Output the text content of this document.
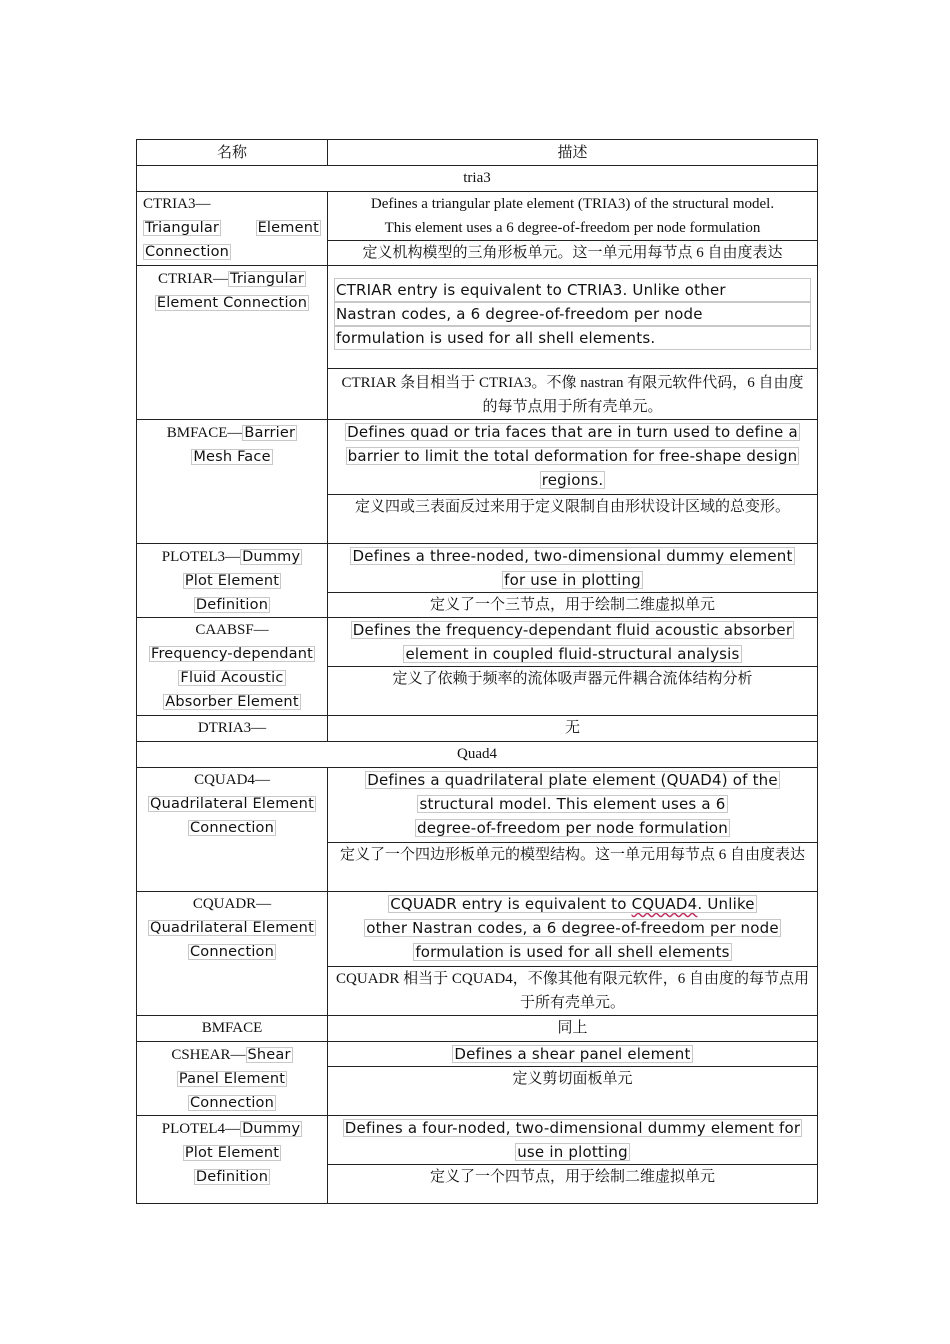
名称	描述
tria3	

CTRIA3—
Triangular Element
Connection	Defines a triangular plate element (TRIA3) of the structural model.
This element uses a 6 degree-of-freedom per node formulation

	定义机构模型的三角形板单元。这一单元用每节点 6 自由度表达

CTRIAR— Triangular
Element Connection	CTRIAR entry is equivalent to CTRIA3. Unlike other
Nastran codes, a 6 degree-of-freedom per node
formulation is used for all shell elements.

	CTRIAR 条目相当于 CTRIA3。不像 nastran 有限元软件代码，6 自由度的每节点用于所有壳单元。

BMFACE— Barrier
Mesh Face	Defines quad or tria faces that are in turn used to define a
barrier to limit the total deformation for free-shape design
regions.

	定义四或三表面反过来用于定义限制自由形状设计区域的总变形。

PLOTEL3— Dummy
Plot Element
Definition	Defines a three-noded, two-dimensional dummy element
for use in plotting

	定义了一个三节点，用于绘制二维虚拟单元

CAABSF—
Frequency-dependant
Fluid Acoustic
Absorber Element	Defines the frequency-dependant fluid acoustic absorber
element in coupled fluid-structural analysis

	定义了依赖于频率的流体吸声器元件耦合流体结构分析
DTRIA3—	无
Quad4	

CQUAD4—
Quadrilateral Element
Connection	Defines a quadrilateral plate element (QUAD4) of the
structural model. This element uses a 6
degree-of-freedom per node formulation

	定义了一个四边形板单元的模型结构。这一单元用每节点 6 自由度表达

CQUADR—
Quadrilateral Element
Connection	CQUADR entry is equivalent to CQUAD4. Unlike
other Nastran codes, a 6 degree-of-freedom per node
formulation is used for all shell elements

	CQUADR 相当于 CQUAD4，不像其他有限元软件，6 自由度的每节点用于所有壳单元。
BMFACE	同上

CSHEAR— Shear
Panel Element
Connection	Defines a shear panel element
	定义剪切面板单元

PLOTEL4— Dummy
Plot Element
Definition	Defines a four-noded, two-dimensional dummy element for
use in plotting

	定义了一个四节点，用于绘制二维虚拟单元
